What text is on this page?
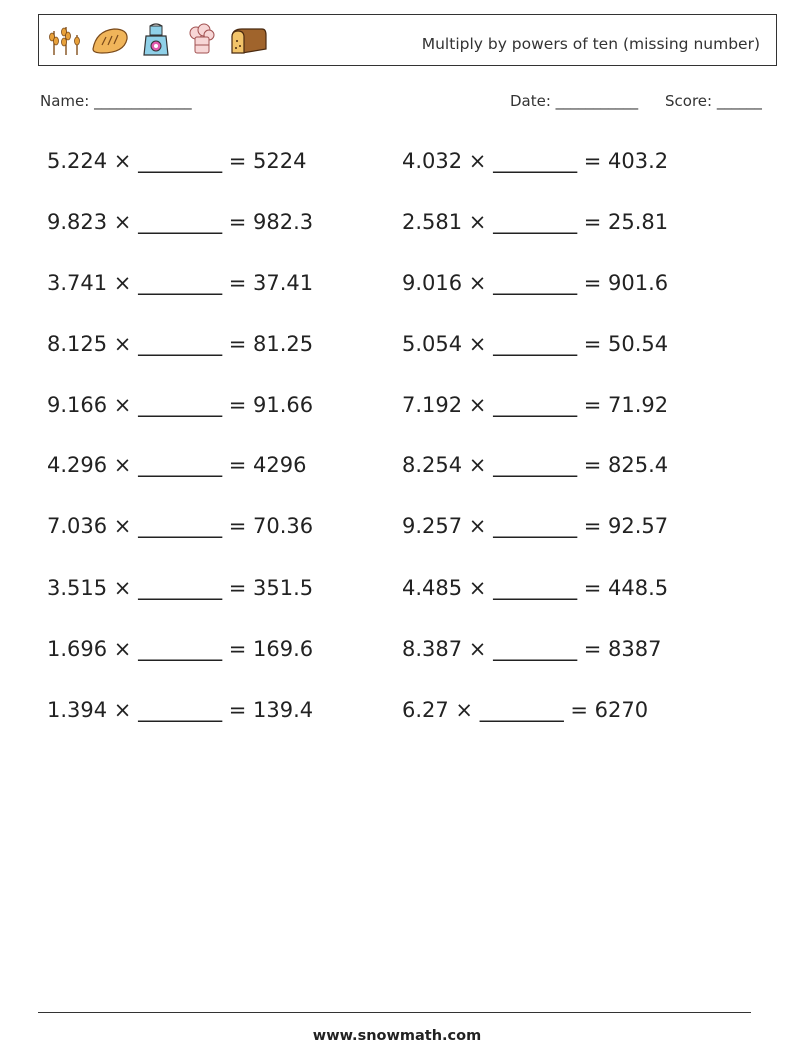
Multiply by powers of ten (missing number)
Name: _____________	Date: ___________ Score: ______
5.224 × ________ = 5224
9.823 × ________ = 982.3
3.741 × ________ = 37.41
8.125 × ________ = 81.25
9.166 × ________ = 91.66
4.296 × ________ = 4296
7.036 × ________ = 70.36
3.515 × ________ = 351.5
1.696 × ________ = 169.6
1.394 × ________ = 139.4
4.032 × ________ = 403.2
2.581 × ________ = 25.81
9.016 × ________ = 901.6
5.054 × ________ = 50.54
7.192 × ________ = 71.92
8.254 × ________ = 825.4
9.257 × ________ = 92.57
4.485 × ________ = 448.5
8.387 × ________ = 8387
6.27 × ________ = 6270
www.snowmath.com
